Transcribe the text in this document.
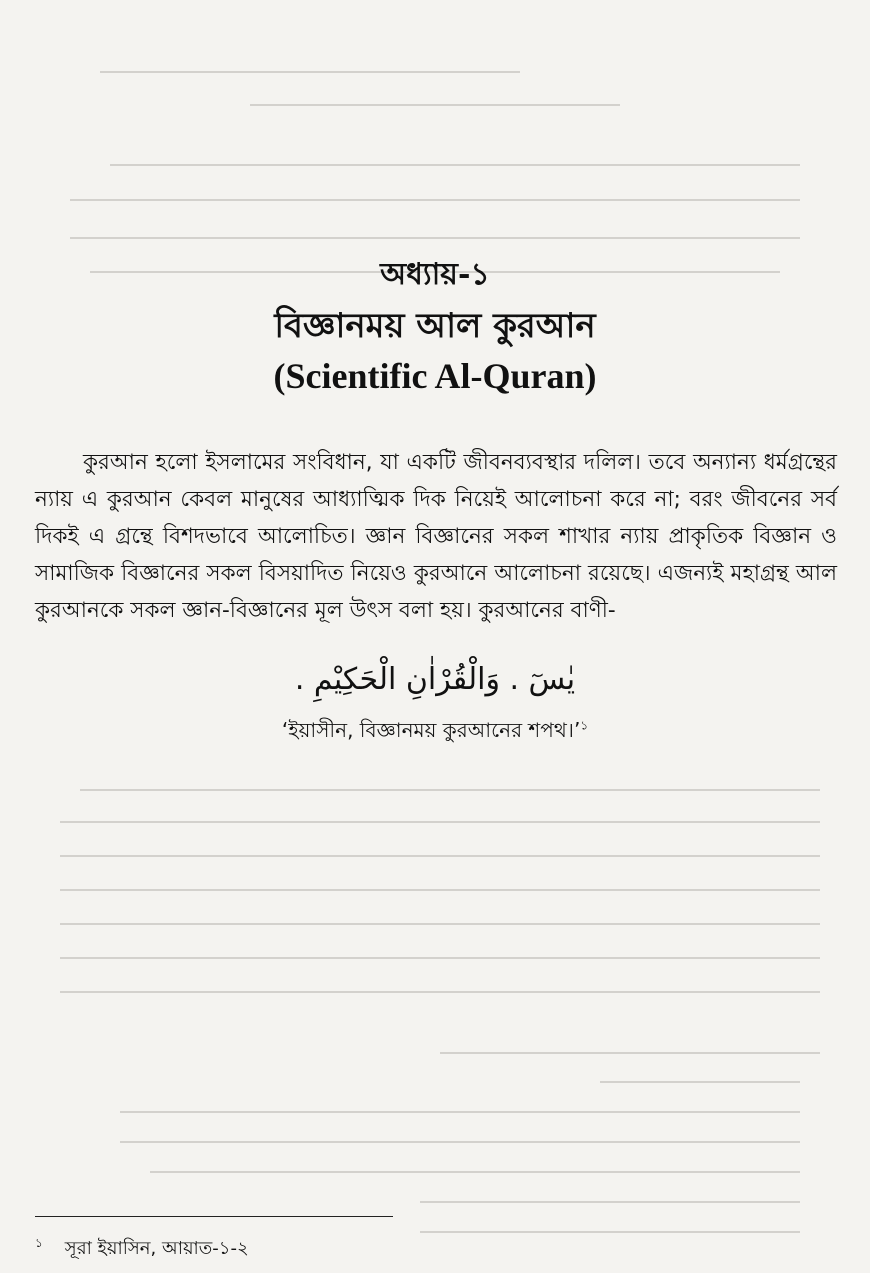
অধ্যায়-১
বিজ্ঞানময় আল কুরআন
(Scientific Al-Quran)

কুরআন হলো ইসলামের সংবিধান, যা একটি জীবনব্যবস্থার দলিল। তবে অন্যান্য ধর্মগ্রন্থের ন্যায় এ কুরআন কেবল মানুষের আধ্যাত্মিক দিক নিয়েই আলোচনা করে না; বরং জীবনের সর্ব দিকই এ গ্রন্থে বিশদভাবে আলোচিত। জ্ঞান বিজ্ঞানের সকল শাখার ন্যায় প্রাকৃতিক বিজ্ঞান ও সামাজিক বিজ্ঞানের সকল বিসয়াদিত নিয়েও কুরআনে আলোচনা রয়েছে। এজন্যই মহাগ্রন্থ আল কুরআনকে সকল জ্ঞান-বিজ্ঞানের মূল উৎস বলা হয়। কুরআনের বাণী-

يٰسٓ . وَالْقُرْاٰنِ الْحَكِيْمِ .
‘ইয়াসীন, বিজ্ঞানময় কুরআনের শপথ।’$^১$
$^১$ সূরা ইয়াসিন, আয়াত-১-২
